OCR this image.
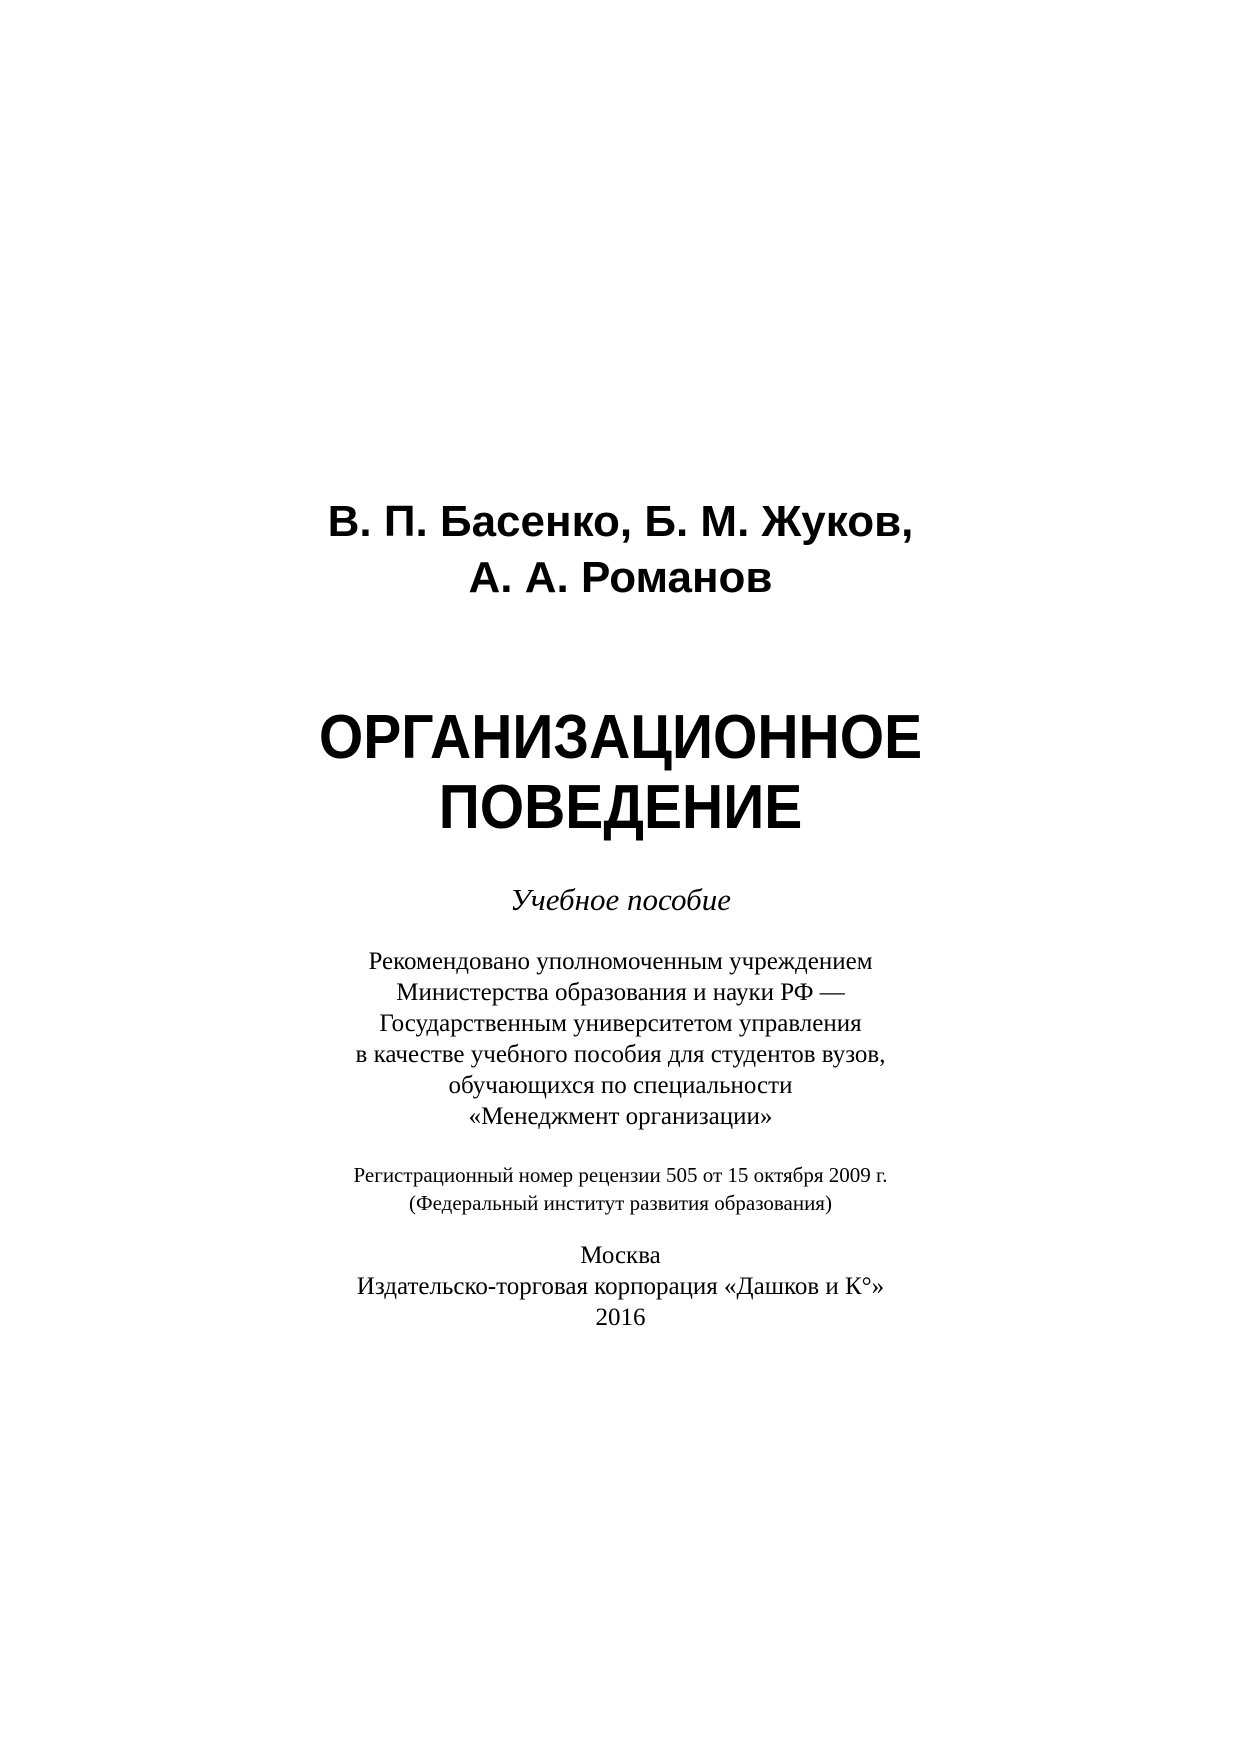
В. П. Басенко, Б. М. Жуков,

А. А. Романов

ОРГАНИЗАЦИОННОЕ

ПОВЕДЕНИЕ

Учебное пособие

Рекомендовано уполномоченным учреждением

Министерства образования и науки РФ —

Государственным университетом управления

в качестве учебного пособия для студентов вузов,

обучающихся по специальности

«Менеджмент организации»

Регистрационный номер рецензии 505 от 15 октября 2009 г.

(Федеральный институт развития образования)

Москва

Издательско-торговая корпорация «Дашков и К°»

2016
